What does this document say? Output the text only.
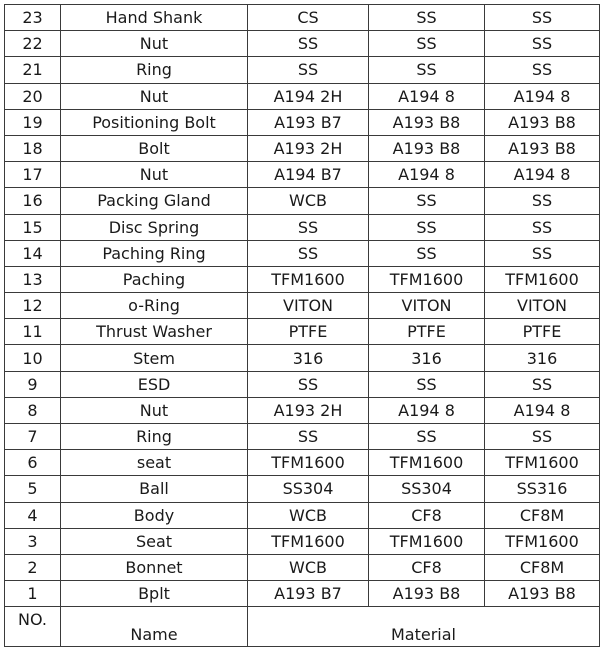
23	Hand Shank	CS	SS	SS
22	Nut	SS	SS	SS
21	Ring	SS	SS	SS
20	Nut	A194 2H	A194 8	A194 8
19	Positioning Bolt	A193 B7	A193 B8	A193 B8
18	Bolt	A193 2H	A193 B8	A193 B8
17	Nut	A194 B7	A194 8	A194 8
16	Packing Gland	WCB	SS	SS
15	Disc Spring	SS	SS	SS
14	Paching Ring	SS	SS	SS
13	Paching	TFM1600	TFM1600	TFM1600
12	o-Ring	VITON	VITON	VITON
11	Thrust Washer	PTFE	PTFE	PTFE
10	Stem	316	316	316
9	ESD	SS	SS	SS
8	Nut	A193 2H	A194 8	A194 8
7	Ring	SS	SS	SS
6	seat	TFM1600	TFM1600	TFM1600
5	Ball	SS304	SS304	SS316
4	Body	WCB	CF8	CF8M
3	Seat	TFM1600	TFM1600	TFM1600
2	Bonnet	WCB	CF8	CF8M
1	Bplt	A193 B7	A193 B8	A193 B8
NO.	Name	Material		
